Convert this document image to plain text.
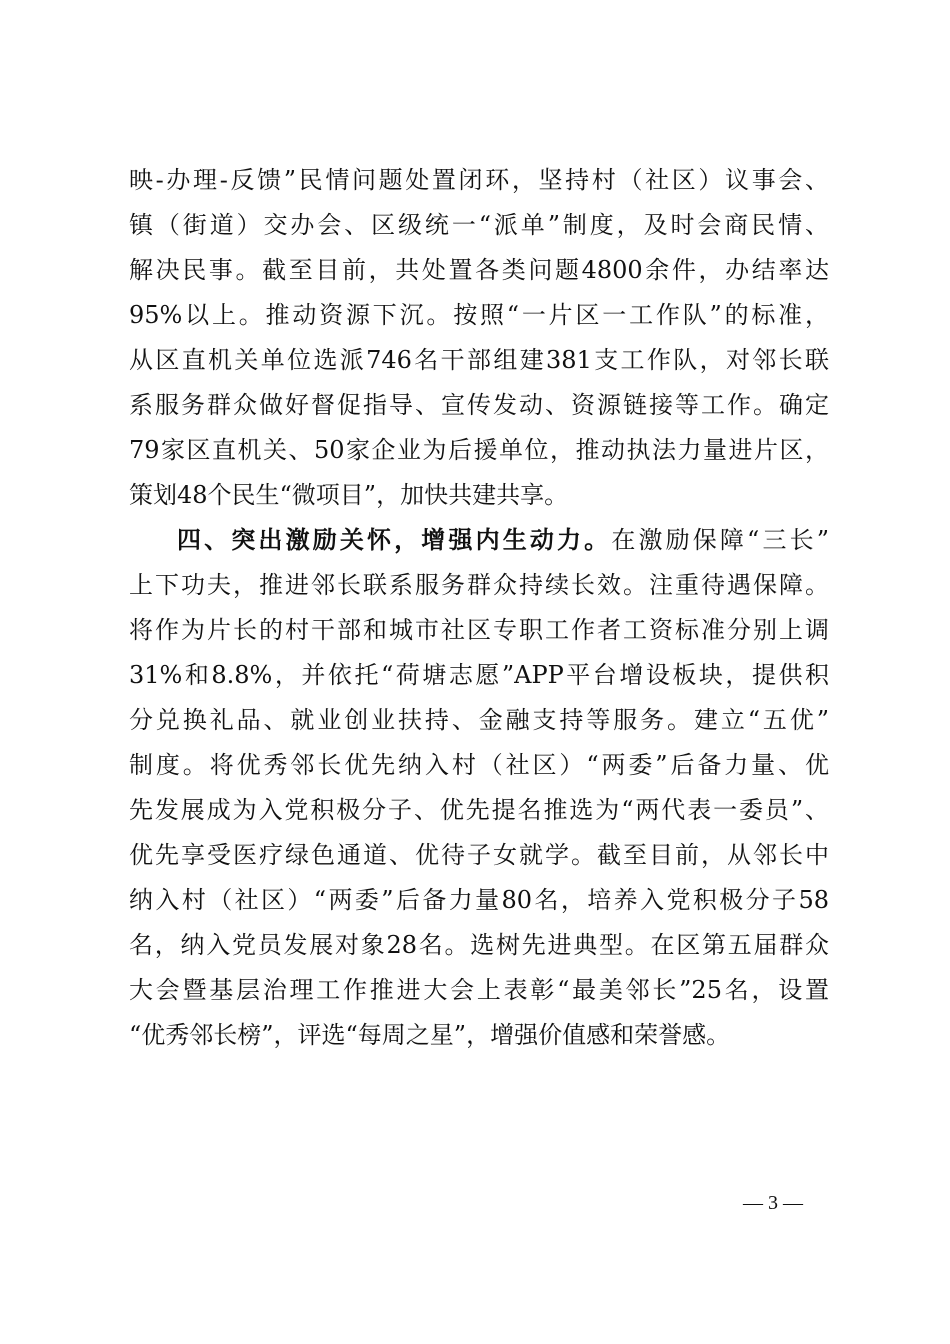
映-办理-反馈”民情问题处置闭环，坚持村（社区）议事会、
镇（街道）交办会、区级统一“派单”制度，及时会商民情、
解决民事。截至目前，共处置各类问题4800余件，办结率达
95%以上。推动资源下沉。按照“一片区一工作队”的标准，
从区直机关单位选派746名干部组建381支工作队，对邻长联
系服务群众做好督促指导、宣传发动、资源链接等工作。确定
79家区直机关、50家企业为后援单位，推动执法力量进片区，
策划48个民生“微项目”，加快共建共享。
四、突出激励关怀，增强内生动力。在激励保障“三长”
上下功夫，推进邻长联系服务群众持续长效。注重待遇保障。
将作为片长的村干部和城市社区专职工作者工资标准分别上调
31%和8.8%，并依托“荷塘志愿”APP平台增设板块，提供积
分兑换礼品、就业创业扶持、金融支持等服务。建立“五优”
制度。将优秀邻长优先纳入村（社区）“两委”后备力量、优
先发展成为入党积极分子、优先提名推选为“两代表一委员”、
优先享受医疗绿色通道、优待子女就学。截至目前，从邻长中
纳入村（社区）“两委”后备力量80名，培养入党积极分子58
名，纳入党员发展对象28名。选树先进典型。在区第五届群众
大会暨基层治理工作推进大会上表彰“最美邻长”25名，设置
“优秀邻长榜”，评选“每周之星”，增强价值感和荣誉感。
— 3 —
